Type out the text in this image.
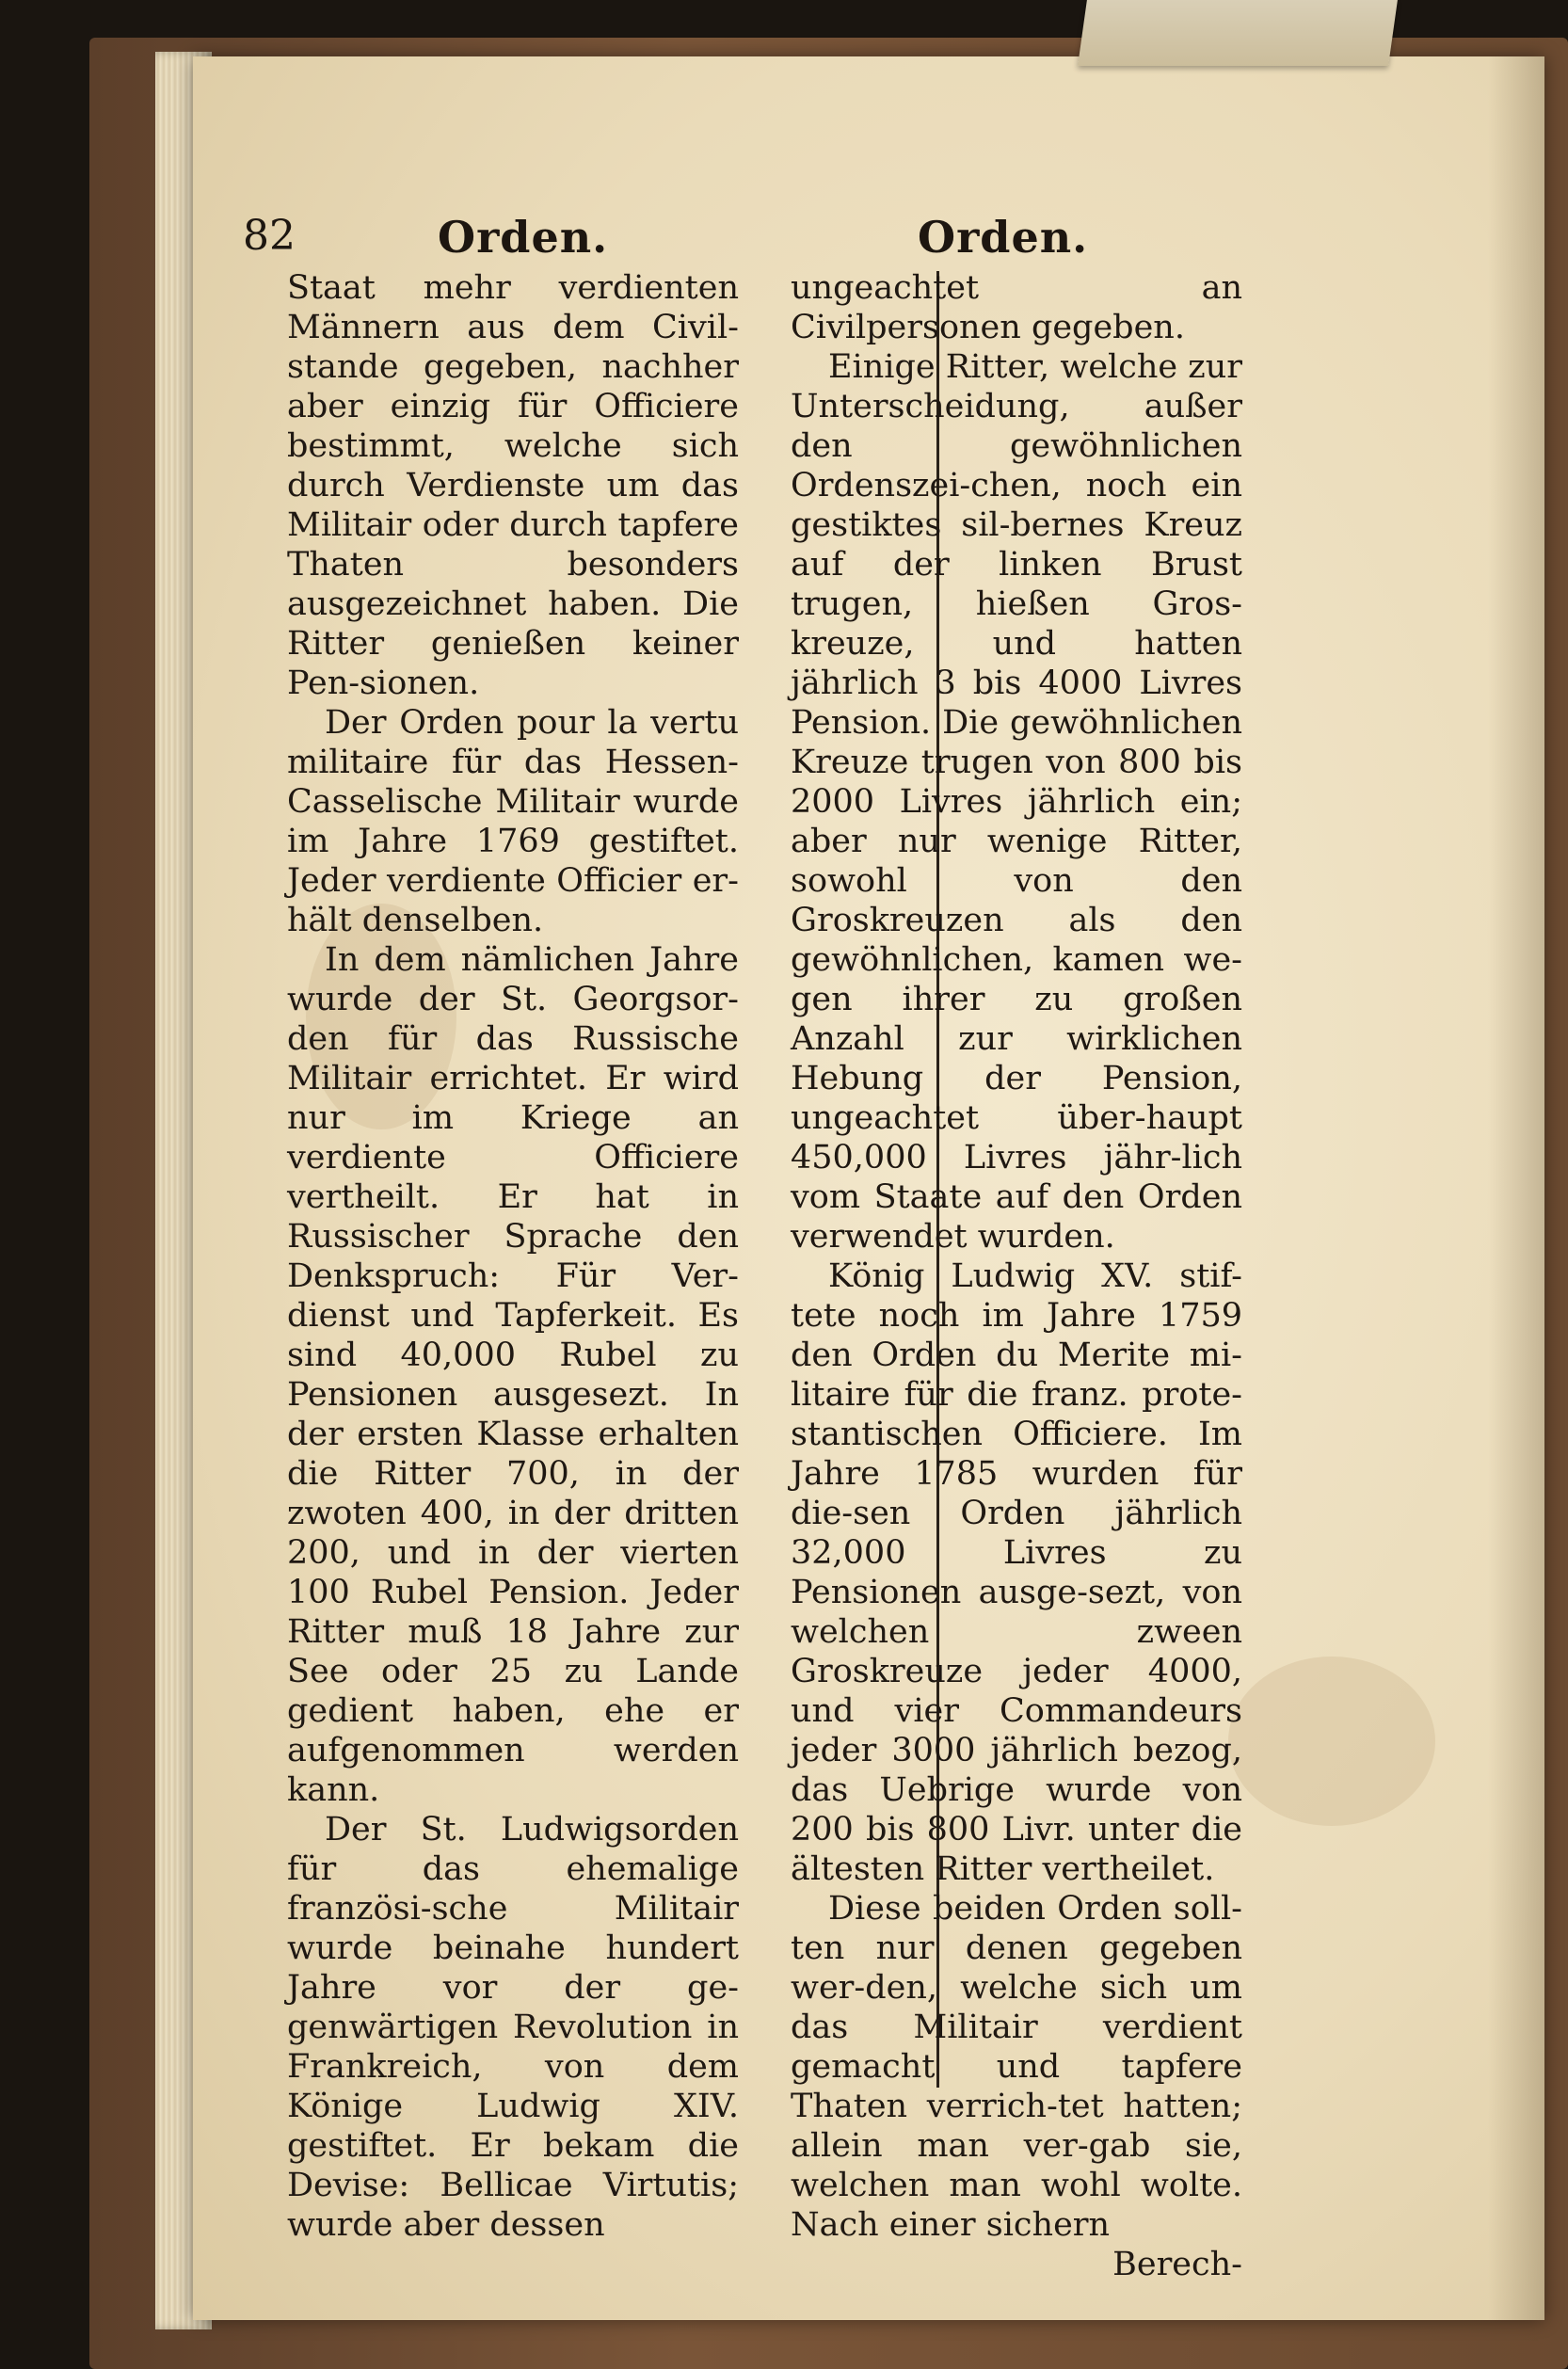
82	Orden.	Orden.

Staat mehr verdienten Männern aus dem Civil-stande gegeben, nachher aber einzig für Officiere bestimmt, welche sich durch Verdienste um das Militair oder durch tapfere Thaten besonders ausgezeichnet haben. Die Ritter genießen keiner Pen-sionen.

Der Orden pour la vertu militaire für das Hessen-Casselische Militair wurde im Jahre 1769 gestiftet. Jeder verdiente Officier er-hält denselben.

In dem nämlichen Jahre wurde der St. Georgsor-den für das Russische Militair errichtet. Er wird nur im Kriege an verdiente Officiere vertheilt. Er hat in Russischer Sprache den Denkspruch: Für Ver-dienst und Tapferkeit. Es sind 40,000 Rubel zu Pensionen ausgesezt. In der ersten Klasse erhalten die Ritter 700, in der zwoten 400, in der dritten 200, und in der vierten 100 Rubel Pension. Jeder Ritter muß 18 Jahre zur See oder 25 zu Lande gedient haben, ehe er aufgenommen werden kann.

Der St. Ludwigsorden für das ehemalige französi-sche Militair wurde beinahe hundert Jahre vor der ge-genwärtigen Revolution in Frankreich, von dem Könige Ludwig XIV. gestiftet. Er bekam die Devise: Bellicae Virtutis; wurde aber dessen

ungeachtet an Civilpersonen gegeben.

Einige Ritter, welche zur Unterscheidung, außer den gewöhnlichen Ordenszei-chen, noch ein gestiktes sil-bernes Kreuz auf der linken Brust trugen, hießen Gros-kreuze, und hatten jährlich 3 bis 4000 Livres Pension. Die gewöhnlichen Kreuze trugen von 800 bis 2000 Livres jährlich ein; aber nur wenige Ritter, sowohl von den Groskreuzen als den gewöhnlichen, kamen we-gen ihrer zu großen Anzahl zur wirklichen Hebung der Pension, ungeachtet über-haupt 450,000 Livres jähr-lich vom Staate auf den Orden verwendet wurden.

König Ludwig XV. stif-tete noch im Jahre 1759 den Orden du Merite mi-litaire für die franz. prote-stantischen Officiere. Im Jahre 1785 wurden für die-sen Orden jährlich 32,000 Livres zu Pensionen ausge-sezt, von welchen zween Groskreuze jeder 4000, und vier Commandeurs jeder 3000 jährlich bezog, das Uebrige wurde von 200 bis 800 Livr. unter die ältesten Ritter vertheilet.

Diese beiden Orden soll-ten nur denen gegeben wer-den, welche sich um das Militair verdient gemacht und tapfere Thaten verrich-tet hatten; allein man ver-gab sie, welchen man wohl wolte. Nach einer sichern

Berech-
